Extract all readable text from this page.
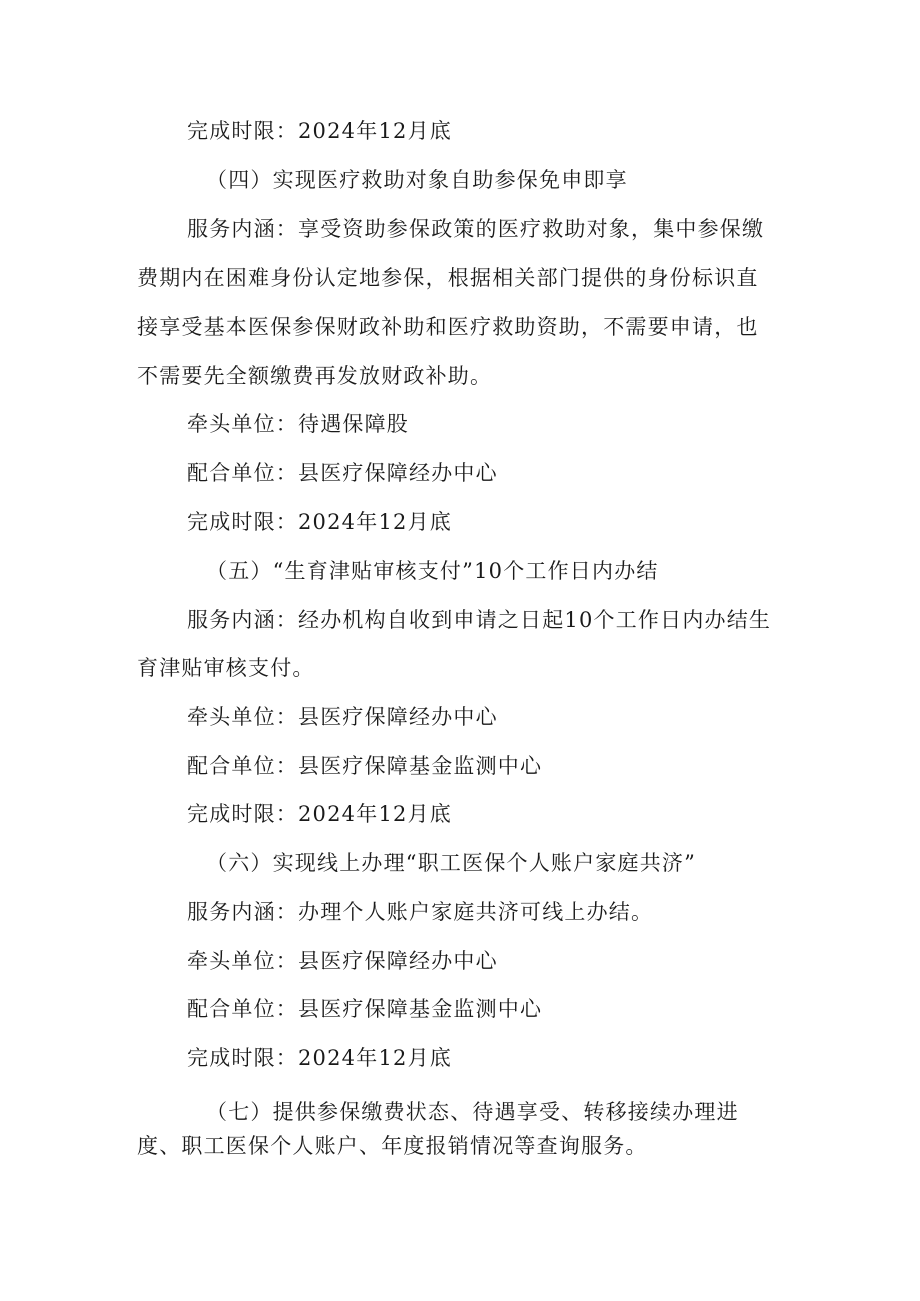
完成时限：2024年12月底
（四）实现医疗救助对象自助参保免申即享
服务内涵：享受资助参保政策的医疗救助对象，集中参保缴
费期内在困难身份认定地参保，根据相关部门提供的身份标识直
接享受基本医保参保财政补助和医疗救助资助，不需要申请，也
不需要先全额缴费再发放财政补助。
牵头单位：待遇保障股
配合单位：县医疗保障经办中心
完成时限：2024年12月底
（五）“生育津贴审核支付”10个工作日内办结
服务内涵：经办机构自收到申请之日起10个工作日内办结生
育津贴审核支付。
牵头单位：县医疗保障经办中心
配合单位：县医疗保障基金监测中心
完成时限：2024年12月底
（六）实现线上办理“职工医保个人账户家庭共济”
服务内涵：办理个人账户家庭共济可线上办结。
牵头单位：县医疗保障经办中心
配合单位：县医疗保障基金监测中心
完成时限：2024年12月底
（七）提供参保缴费状态、待遇享受、转移接续办理进
度、职工医保个人账户、年度报销情况等查询服务。
